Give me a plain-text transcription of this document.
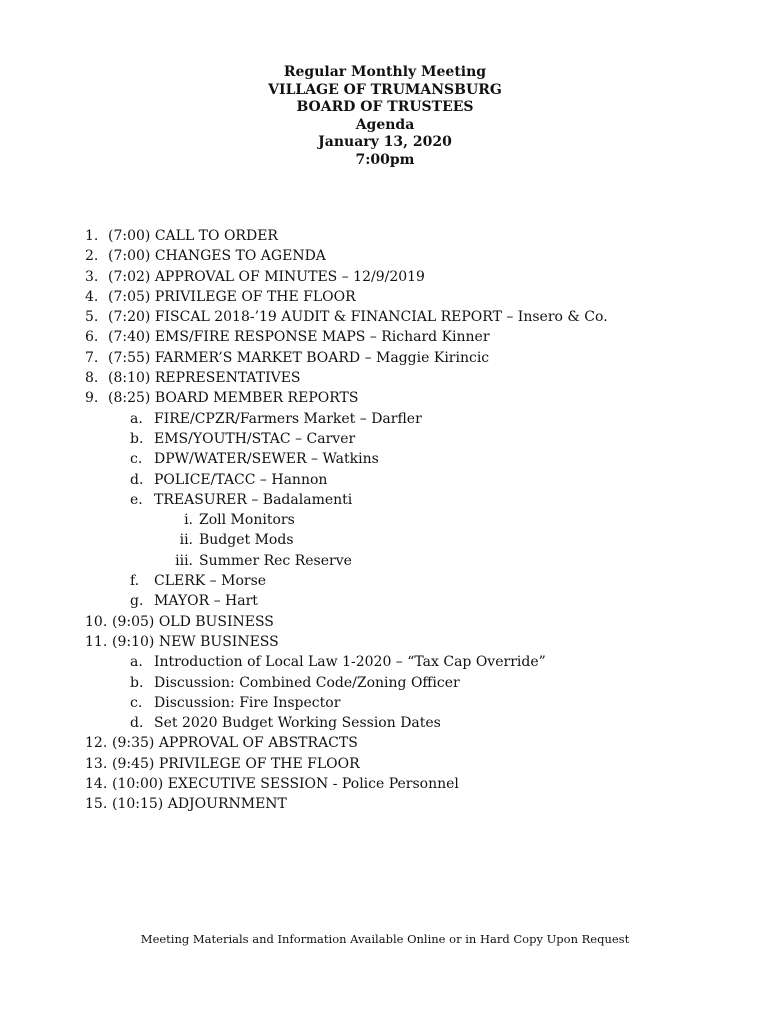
Regular Monthly Meeting
VILLAGE OF TRUMANSBURG
BOARD OF TRUSTEES
Agenda
January 13, 2020
7:00pm
1. (7:00) CALL TO ORDER
2. (7:00) CHANGES TO AGENDA
3. (7:02) APPROVAL OF MINUTES – 12/9/2019
4. (7:05) PRIVILEGE OF THE FLOOR
5. (7:20) FISCAL 2018-’19 AUDIT & FINANCIAL REPORT – Insero & Co.
6. (7:40) EMS/FIRE RESPONSE MAPS – Richard Kinner
7. (7:55) FARMER’S MARKET BOARD – Maggie Kirincic
8. (8:10) REPRESENTATIVES
9. (8:25) BOARD MEMBER REPORTS
a. FIRE/CPZR/Farmers Market – Darfler
b. EMS/YOUTH/STAC – Carver
c. DPW/WATER/SEWER – Watkins
d. POLICE/TACC – Hannon
e. TREASURER – Badalamenti
i. Zoll Monitors
ii. Budget Mods
iii. Summer Rec Reserve
f. CLERK – Morse
g. MAYOR – Hart
10. (9:05) OLD BUSINESS
11. (9:10) NEW BUSINESS
a. Introduction of Local Law 1-2020 – “Tax Cap Override”
b. Discussion: Combined Code/Zoning Officer
c. Discussion: Fire Inspector
d. Set 2020 Budget Working Session Dates
12. (9:35) APPROVAL OF ABSTRACTS
13. (9:45) PRIVILEGE OF THE FLOOR
14. (10:00) EXECUTIVE SESSION - Police Personnel
15. (10:15) ADJOURNMENT
Meeting Materials and Information Available Online or in Hard Copy Upon Request
